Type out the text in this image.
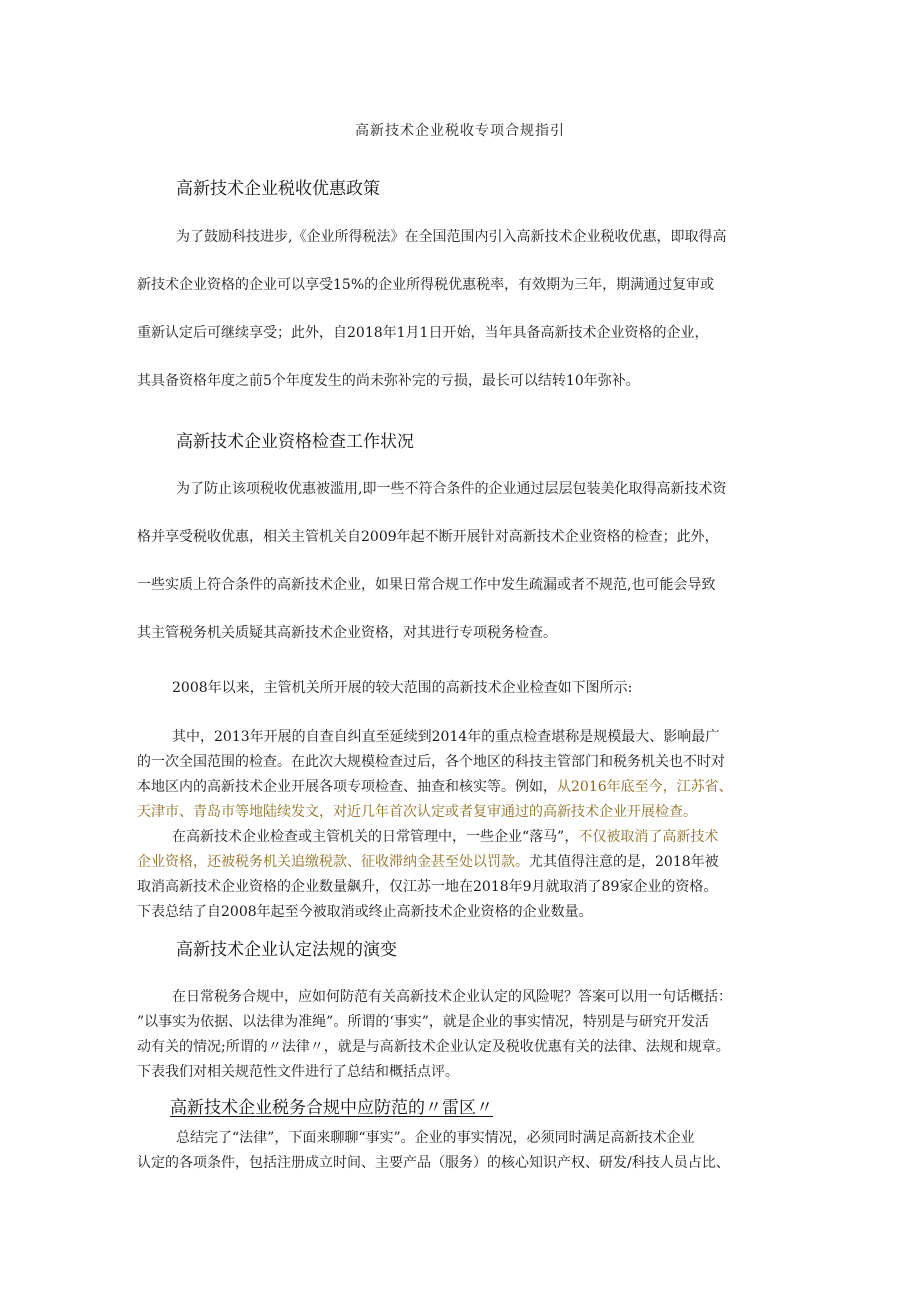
高新技术企业税收专项合规指引
高新技术企业税收优惠政策
为了鼓励科技进步,《企业所得税法》在全国范围内引入高新技术企业税收优惠，即取得高
新技术企业资格的企业可以享受15%的企业所得税优惠税率，有效期为三年，期满通过复审或
重新认定后可继续享受；此外，自2018年1月1日开始，当年具备高新技术企业资格的企业，
其具备资格年度之前5个年度发生的尚未弥补完的亏损，最长可以结转10年弥补。
高新技术企业资格检查工作状况
为了防止该项税收优惠被滥用,即一些不符合条件的企业通过层层包装美化取得高新技术资
格并享受税收优惠，相关主管机关自2009年起不断开展针对高新技术企业资格的检查；此外，
一些实质上符合条件的高新技术企业，如果日常合规工作中发生疏漏或者不规范,也可能会导致
其主管税务机关质疑其高新技术企业资格，对其进行专项税务检查。
2008年以来，主管机关所开展的较大范围的高新技术企业检查如下图所示:
其中，2013年开展的自查自纠直至延续到2014年的重点检查堪称是规模最大、影响最广
的一次全国范围的检查。在此次大规模检查过后，各个地区的科技主管部门和税务机关也不时对
本地区内的高新技术企业开展各项专项检查、抽查和核实等。例如，从2016年底至今，江苏省、
天津市、青岛市等地陆续发文，对近几年首次认定或者复审通过的高新技术企业开展检查。
在高新技术企业检查或主管机关的日常管理中，一些企业“落马”，不仅被取消了高新技术
企业资格，还被税务机关追缴税款、征收滞纳金甚至处以罚款。尤其值得注意的是，2018年被
取消高新技术企业资格的企业数量飙升，仅江苏一地在2018年9月就取消了89家企业的资格。
下表总结了自2008年起至今被取消或终止高新技术企业资格的企业数量。
高新技术企业认定法规的演变
在日常税务合规中，应如何防范有关高新技术企业认定的风险呢？答案可以用一句话概括：
”以事实为依据、以法律为准绳”。所谓的‘事实”，就是企业的事实情况，特别是与研究开发活
动有关的情况;所谓的〃法律〃，就是与高新技术企业认定及税收优惠有关的法律、法规和规章。
下表我们对相关规范性文件进行了总结和概括点评。
高新技术企业税务合规中应防范的〃雷区〃
总结完了“法律”，下面来聊聊“事实”。企业的事实情况，必须同时满足高新技术企业
认定的各项条件，包括注册成立时间、主要产品（服务）的核心知识产权、研发/科技人员占比、
